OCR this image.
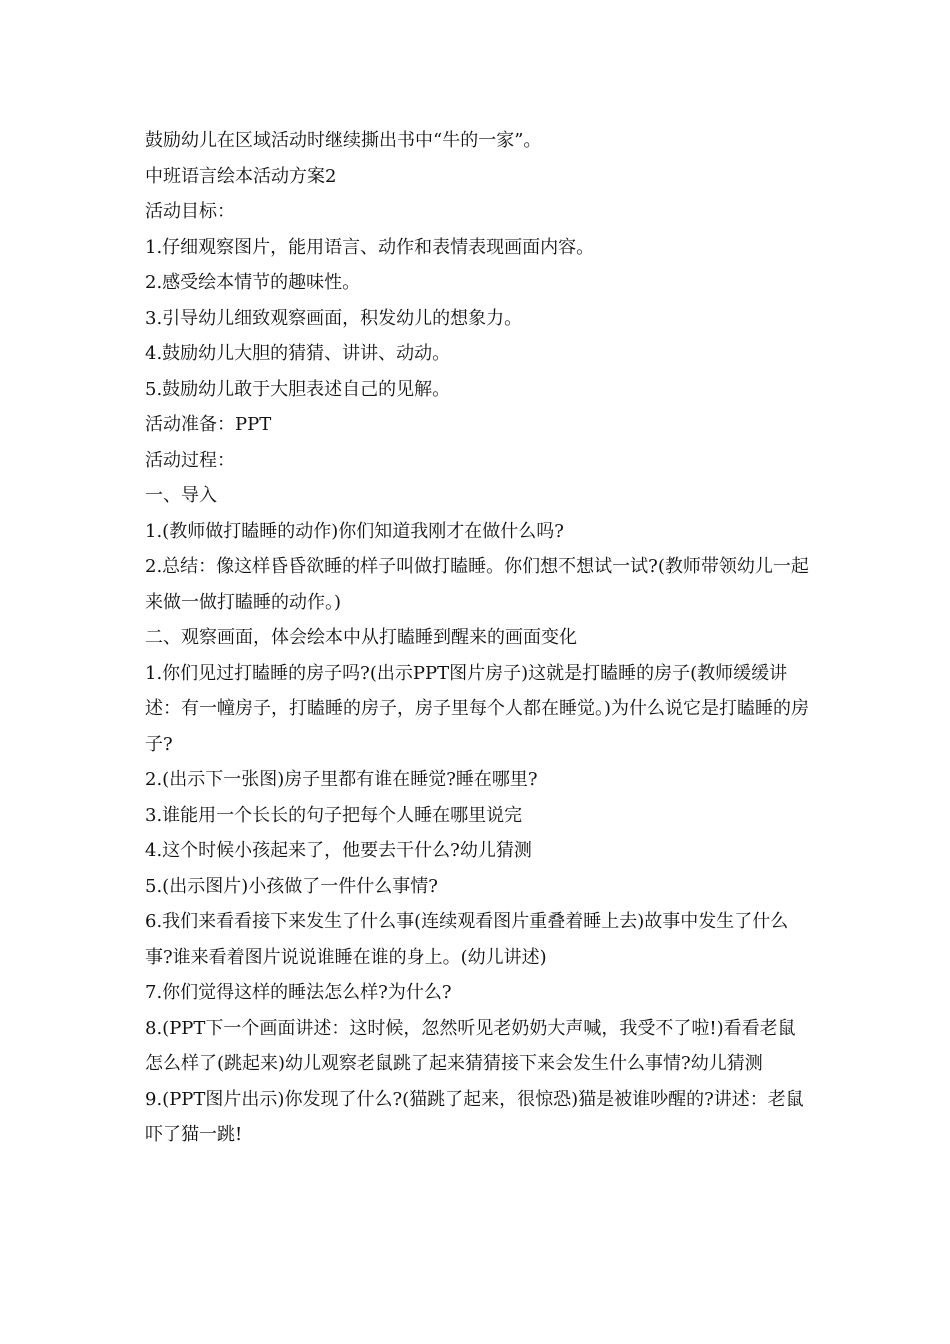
鼓励幼儿在区域活动时继续撕出书中“牛的一家”。

中班语言绘本活动方案2

活动目标：

1.仔细观察图片，能用语言、动作和表情表现画面内容。

2.感受绘本情节的趣味性。

3.引导幼儿细致观察画面，积发幼儿的想象力。

4.鼓励幼儿大胆的猜猜、讲讲、动动。

5.鼓励幼儿敢于大胆表述自己的见解。

活动准备：PPT

活动过程：

一、导入

1.(教师做打瞌睡的动作)你们知道我刚才在做什么吗?

2.总结：像这样昏昏欲睡的样子叫做打瞌睡。你们想不想试一试?(教师带领幼儿一起来做一做打瞌睡的动作。)

二、观察画面，体会绘本中从打瞌睡到醒来的画面变化

1.你们见过打瞌睡的房子吗?(出示PPT图片房子)这就是打瞌睡的房子(教师缓缓讲述：有一幢房子，打瞌睡的房子，房子里每个人都在睡觉。)为什么说它是打瞌睡的房子?

2.(出示下一张图)房子里都有谁在睡觉?睡在哪里?

3.谁能用一个长长的句子把每个人睡在哪里说完

4.这个时候小孩起来了，他要去干什么?幼儿猜测

5.(出示图片)小孩做了一件什么事情?

6.我们来看看接下来发生了什么事(连续观看图片重叠着睡上去)故事中发生了什么事?谁来看着图片说说谁睡在谁的身上。(幼儿讲述)

7.你们觉得这样的睡法怎么样?为什么?

8.(PPT下一个画面讲述：这时候，忽然听见老奶奶大声喊，我受不了啦!)看看老鼠怎么样了(跳起来)幼儿观察老鼠跳了起来猜猜接下来会发生什么事情?幼儿猜测

9.(PPT图片出示)你发现了什么?(猫跳了起来，很惊恐)猫是被谁吵醒的?讲述：老鼠吓了猫一跳!
